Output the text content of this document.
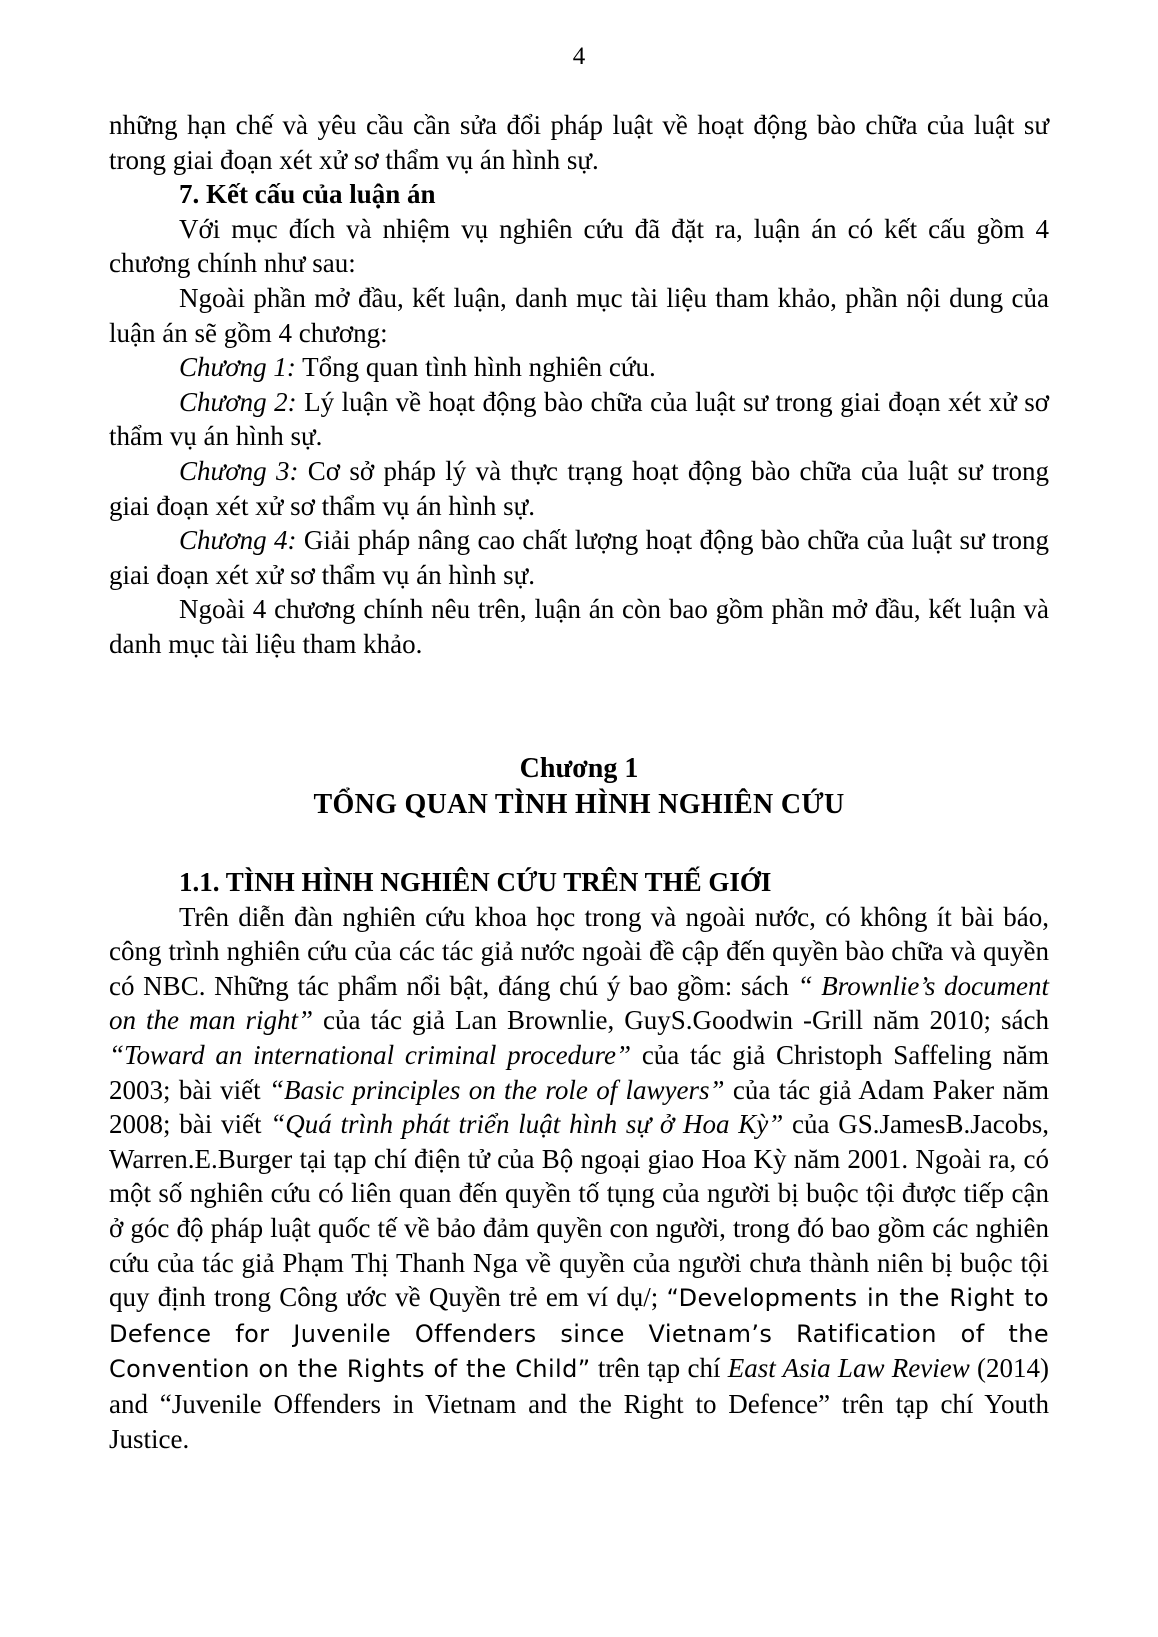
4

những hạn chế và yêu cầu cần sửa đổi pháp luật về hoạt động bào chữa của luật sư trong giai đoạn xét xử sơ thẩm vụ án hình sự.

7. Kết cấu của luận án

Với mục đích và nhiệm vụ nghiên cứu đã đặt ra, luận án có kết cấu gồm 4 chương chính như sau:

Ngoài phần mở đầu, kết luận, danh mục tài liệu tham khảo, phần nội dung của luận án sẽ gồm 4 chương:

Chương 1: Tổng quan tình hình nghiên cứu.

Chương 2: Lý luận về hoạt động bào chữa của luật sư trong giai đoạn xét xử sơ thẩm vụ án hình sự.

Chương 3: Cơ sở pháp lý và thực trạng hoạt động bào chữa của luật sư trong giai đoạn xét xử sơ thẩm vụ án hình sự.

Chương 4: Giải pháp nâng cao chất lượng hoạt động bào chữa của luật sư trong giai đoạn xét xử sơ thẩm vụ án hình sự.

Ngoài 4 chương chính nêu trên, luận án còn bao gồm phần mở đầu, kết luận và danh mục tài liệu tham khảo.

Chương 1

TỔNG QUAN TÌNH HÌNH NGHIÊN CỨU

1.1. TÌNH HÌNH NGHIÊN CỨU TRÊN THẾ GIỚI

Trên diễn đàn nghiên cứu khoa học trong và ngoài nước, có không ít bài báo, công trình nghiên cứu của các tác giả nước ngoài đề cập đến quyền bào chữa và quyền có NBC. Những tác phẩm nổi bật, đáng chú ý bao gồm: sách “ Brownlie’s document on the man right” của tác giả Lan Brownlie, GuyS.Goodwin -Grill năm 2010; sách “Toward an international criminal procedure” của tác giả Christoph Saffeling năm 2003; bài viết “Basic principles on the role of lawyers” của tác giả Adam Paker năm 2008; bài viết “Quá trình phát triển luật hình sự ở Hoa Kỳ” của GS.JamesB.Jacobs, Warren.E.Burger tại tạp chí điện tử của Bộ ngoại giao Hoa Kỳ năm 2001. Ngoài ra, có một số nghiên cứu có liên quan đến quyền tố tụng của người bị buộc tội được tiếp cận ở góc độ pháp luật quốc tế về bảo đảm quyền con người, trong đó bao gồm các nghiên cứu của tác giả Phạm Thị Thanh Nga về quyền của người chưa thành niên bị buộc tội quy định trong Công ước về Quyền trẻ em ví dụ/; “Developments in the Right to Defence for Juvenile Offenders since Vietnam’s Ratification of the Convention on the Rights of the Child” trên tạp chí East Asia Law Review (2014) and “Juvenile Offenders in Vietnam and the Right to Defence” trên tạp chí Youth Justice.
